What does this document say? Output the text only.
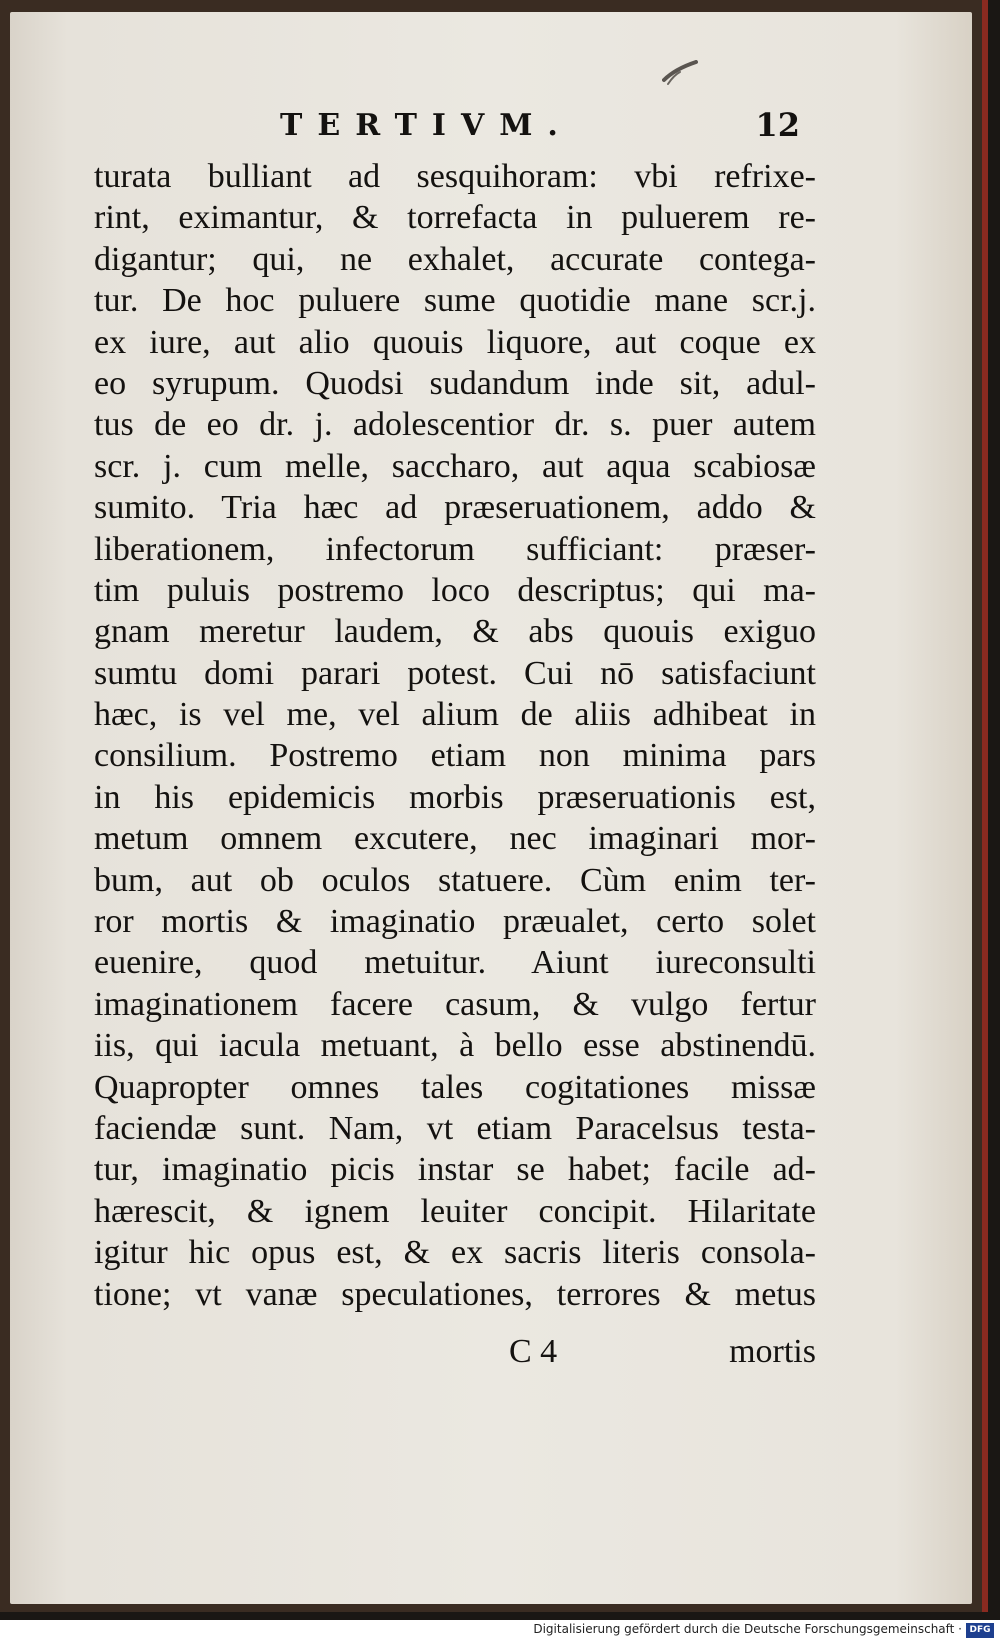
TERTIVM.	12
turata bulliant ad sesquihoram: vbi refrixe-
rint, eximantur, & torrefacta in puluerem re-
digantur; qui, ne exhalet, accurate contega-
tur. De hoc puluere sume quotidie mane scr.j.
ex iure, aut alio quouis liquore, aut coque ex
eo syrupum. Quodsi sudandum inde sit, adul-
tus de eo dr. j. adolescentior dr. s. puer autem
scr. j. cum melle, saccharo, aut aqua scabiosæ
sumito. Tria hæc ad præseruationem, addo &
liberationem, infectorum sufficiant: præser-
tim puluis postremo loco descriptus; qui ma-
gnam meretur laudem, & abs quouis exiguo
sumtu domi parari potest. Cui nō satisfaciunt
hæc, is vel me, vel alium de aliis adhibeat in
consilium. Postremo etiam non minima pars
in his epidemicis morbis præseruationis est,
metum omnem excutere, nec imaginari mor-
bum, aut ob oculos statuere. Cùm enim ter-
ror mortis & imaginatio præualet, certo solet
euenire, quod metuitur. Aiunt iureconsulti
imaginationem facere casum, & vulgo fertur
iis, qui iacula metuant, à bello esse abstinendū.
Quapropter omnes tales cogitationes missæ
faciendæ sunt. Nam, vt etiam Paracelsus testa-
tur, imaginatio picis instar se habet; facile ad-
hærescit, & ignem leuiter concipit. Hilaritate
igitur hic opus est, & ex sacris literis consola-
tione; vt vanæ speculationes, terrores & metus
C 4	mortis
Digitalisierung gefördert durch die Deutsche Forschungsgemeinschaft · DFG
